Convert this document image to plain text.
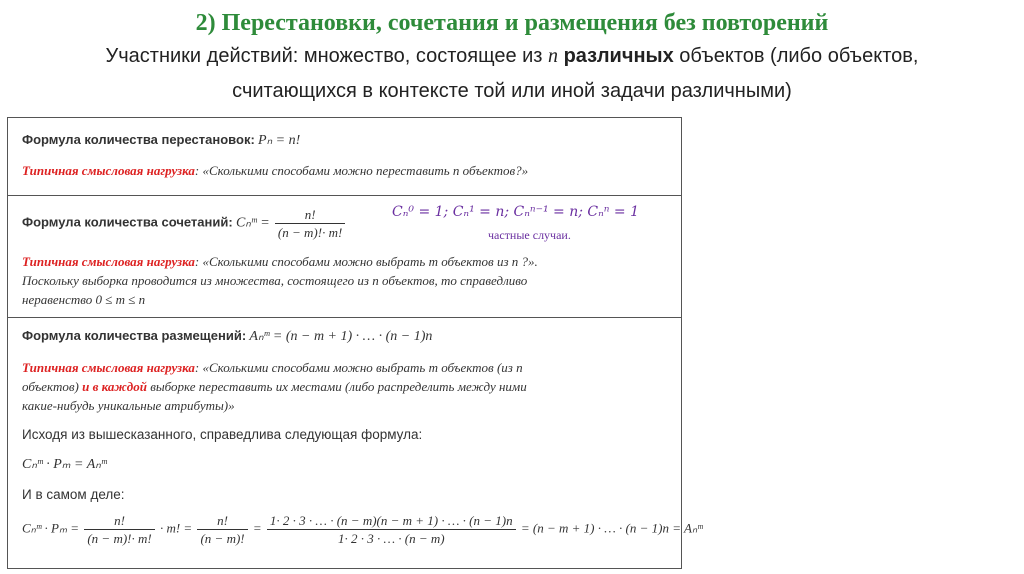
2) Перестановки, сочетания и размещения без повторений
Участники действий: множество, состоящее из n различных объектов (либо объектов,
считающихся в контексте той или иной задачи различными)
Формула количества перестановок: Pₙ = n!
Типичная смысловая нагрузка: «Сколькими способами можно переставить n объектов?»
Формула количества сочетаний: Cₙᵐ = $\frac{n!}{(n - m)!\cdot m!}$
Типичная смысловая нагрузка: «Сколькими способами можно выбрать m объектов из n ?».
Поскольку выборка проводится из множества, состоящего из n объектов, то справедливо
неравенство 0 ≤ m ≤ n
Формула количества размещений: Aₙᵐ = (n − m + 1) · … · (n − 1)n
Типичная смысловая нагрузка: «Сколькими способами можно выбрать m объектов (из n
объектов) и в каждой выборке переставить их местами (либо распределить между ними
какие-нибудь уникальные атрибуты)»
Исходя из вышесказанного, справедлива следующая формула:
Cₙᵐ · Pₘ = Aₙᵐ
И в самом деле:
Cₙᵐ · $P_m = \frac{n!}{(n - m)!\cdot m!} \cdot m$! = $\frac{n!}{(n - m)!} = \frac{1\cdot 2 \cdot 3 \cdot \dots \cdot (n - m)(n - m + 1) \cdot \dots \cdot (n - 1)n}{1\cdot 2 \cdot 3 \cdot \dots \cdot (n - m)} = (n - m + 1)$ · … · (n − 1)n = Aₙᵐ
Cₙ⁰ = 1; Cₙ¹ = n; Cₙⁿ⁻¹ = n; Cₙⁿ = 1
частные случаи.
